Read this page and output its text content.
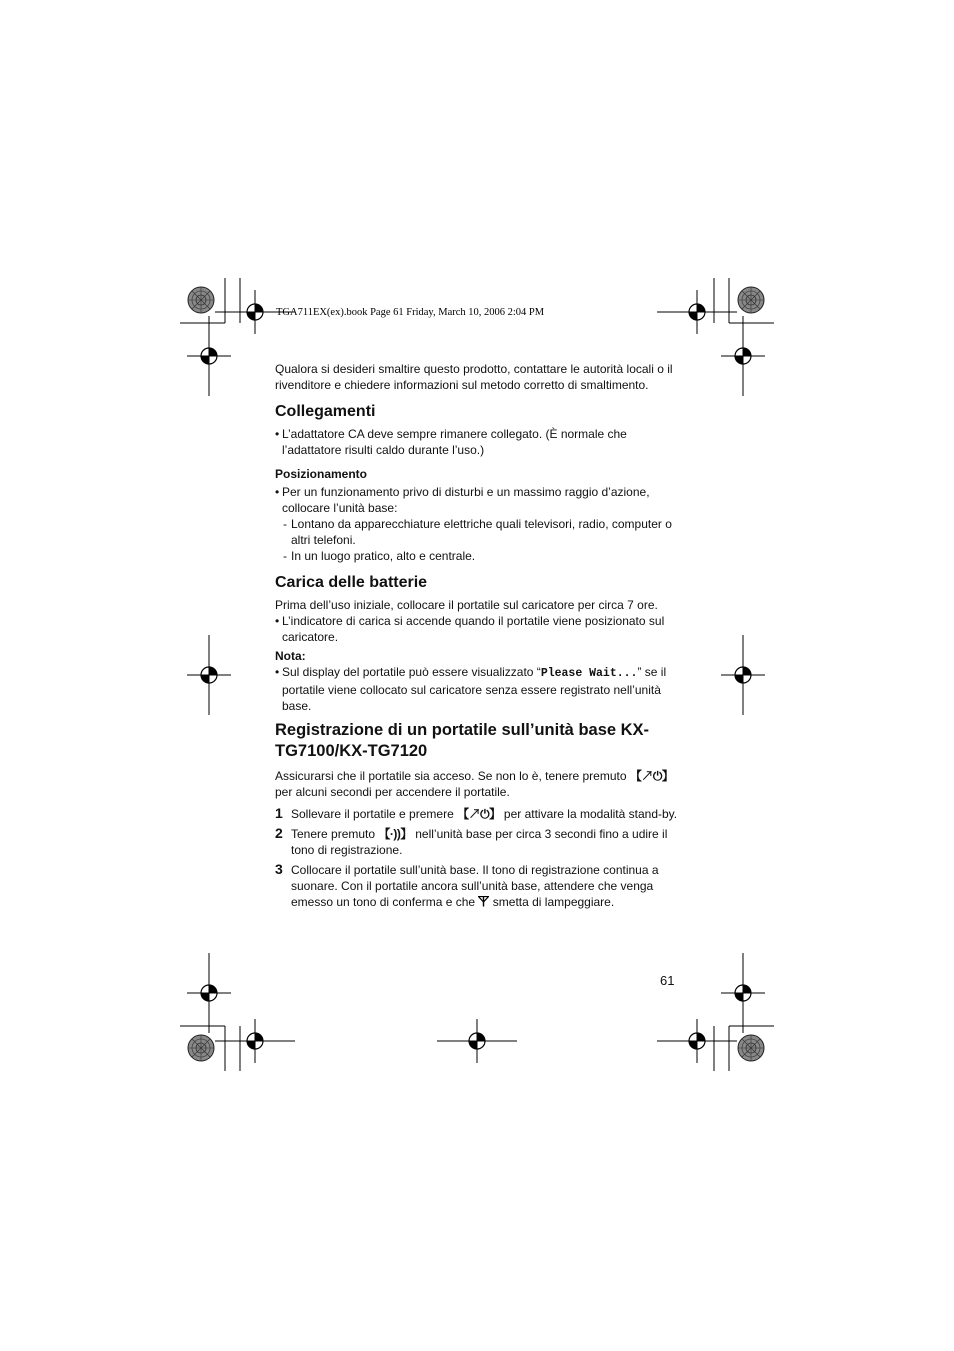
TGA711EX(ex).book Page 61 Friday, March 10, 2006 2:04 PM

Qualora si desideri smaltire questo prodotto, contattare le autorità locali o il rivenditore e chiedere informazioni sul metodo corretto di smaltimento.

Collegamenti
• L’adattatore CA deve sempre rimanere collegato. (È normale che l’adattatore risulti caldo durante l’uso.)
Posizionamento
• Per un funzionamento privo di disturbi e un massimo raggio d’azione, collocare l’unità base:
- Lontano da apparecchiature elettriche quali televisori, radio, computer o altri telefoni.
- In un luogo pratico, alto e centrale.
Carica delle batterie

Prima dell’uso iniziale, collocare il portatile sul caricatore per circa 7 ore.

• L’indicatore di carica si accende quando il portatile viene posizionato sul caricatore.
Nota:
• Sul display del portatile può essere visualizzato “Please Wait...” se il portatile viene collocato sul caricatore senza essere registrato nell’unità base.
Registrazione di un portatile sull’unità base KX-TG7100/KX-TG7120

Assicurarsi che il portatile sia acceso. Se non lo è, tenere premuto 【↗⏻】 per alcuni secondi per accendere il portatile.

1 Sollevare il portatile e premere 【↗⏻】 per attivare la modalità stand-by.
2 Tenere premuto 【·))】 nell’unità base per circa 3 secondi fino a udire il tono di registrazione.
3 Collocare il portatile sull’unità base. Il tono di registrazione continua a suonare. Con il portatile ancora sull’unità base, attendere che venga emesso un tono di conferma e che  smetta di lampeggiare.
61
